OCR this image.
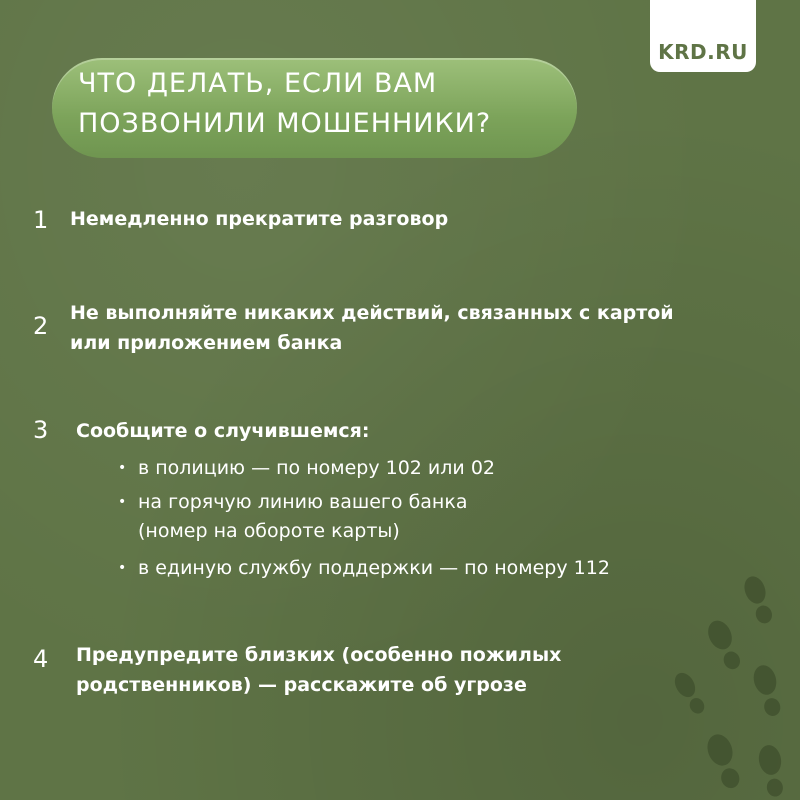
KRD.RU
ЧТО ДЕЛАТЬ, ЕСЛИ ВАМ
ПОЗВОНИЛИ МОШЕННИКИ?
1 Немедленно прекратите разговор
2 Не выполняйте никаких действий, связанных с картой
или приложением банка
3 Сообщите о случившемся:
• в полицию — по номеру 102 или 02
• на горячую линию вашего банка
(номер на обороте карты)
• в единую службу поддержки — по номеру 112
4 Предупредите близких (особенно пожилых
родственников) — расскажите об угрозе
